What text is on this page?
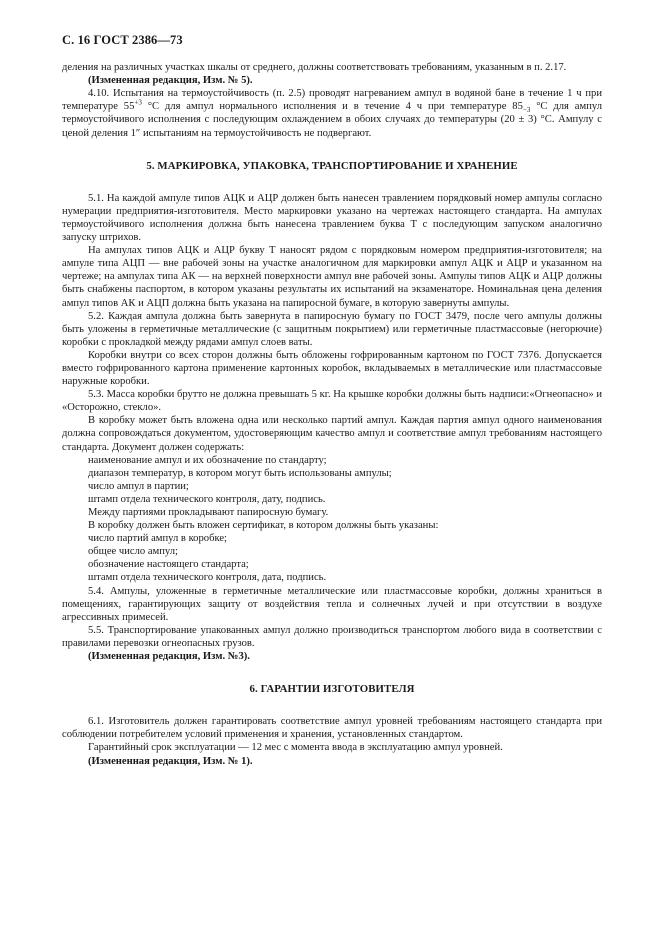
С. 16 ГОСТ 2386—73

деления на различных участках шкалы от среднего, должны соответствовать требованиям, указанным в п. 2.17.

(Измененная редакция, Изм. № 5).

4.10. Испытания на термоустойчивость (п. 2.5) проводят нагреванием ампул в водяной бане в течение 1 ч при температуре $55^{+3}$ °С для ампул нормального исполнения и в течение 4 ч при температуре $85_{-3}$ °С для ампул термоустойчивого исполнения с последующим охлаждением в обоих случаях до температуры (20 ± 3) °С. Ампулу с ценой деления 1″ испытаниям на термоустойчивость не подвергают.

5. МАРКИРОВКА, УПАКОВКА, ТРАНСПОРТИРОВАНИЕ И ХРАНЕНИЕ

5.1. На каждой ампуле типов АЦК и АЦР должен быть нанесен травлением порядковый номер ампулы согласно нумерации предприятия-изготовителя. Место маркировки указано на чертежах настоящего стандарта. На ампулах термоустойчивого исполнения должна быть нанесена травлением буква Т с последующим запуском аналогично запуску штрихов.

На ампулах типов АЦК и АЦР букву Т наносят рядом с порядковым номером предприятия-изготовителя; на ампуле типа АЦП — вне рабочей зоны на участке аналогичном для маркировки ампул АЦК и АЦР и указанном на чертеже; на ампулах типа АК — на верхней поверхности ампул вне рабочей зоны. Ампулы типов АЦК и АЦР должны быть снабжены паспортом, в котором указаны результаты их испытаний на экзаменаторе. Номинальная цена деления ампул типов АК и АЦП должна быть указана на папиросной бумаге, в которую завернуты ампулы.

5.2. Каждая ампула должна быть завернута в папиросную бумагу по ГОСТ 3479, после чего ампулы должны быть уложены в герметичные металлические (с защитным покрытием) или герметичные пластмассовые (негорючие) коробки с прокладкой между рядами ампул слоев ваты.

Коробки внутри со всех сторон должны быть обложены гофрированным картоном по ГОСТ 7376. Допускается вместо гофрированного картона применение картонных коробок, вкладываемых в металлические или пластмассовые наружные коробки.

5.3. Масса коробки брутто не должна превышать 5 кг. На крышке коробки должны быть надписи:«Огнеопасно» и «Осторожно, стекло».

В коробку может быть вложена одна или несколько партий ампул. Каждая партия ампул одного наименования должна сопровождаться документом, удостоверяющим качество ампул и соответствие ампул требованиям настоящего стандарта. Документ должен содержать:

наименование ампул и их обозначение по стандарту;

диапазон температур, в котором могут быть использованы ампулы;

число ампул в партии;

штамп отдела технического контроля, дату, подпись.

Между партиями прокладывают папиросную бумагу.

В коробку должен быть вложен сертификат, в котором должны быть указаны:

число партий ампул в коробке;

общее число ампул;

обозначение настоящего стандарта;

штамп отдела технического контроля, дата, подпись.

5.4. Ампулы, уложенные в герметичные металлические или пластмассовые коробки, должны храниться в помещениях, гарантирующих защиту от воздействия тепла и солнечных лучей и при отсутствии в воздухе агрессивных примесей.

5.5. Транспортирование упакованных ампул должно производиться транспортом любого вида в соответствии с правилами перевозки огнеопасных грузов.

(Измененная редакция, Изм. №3).

6. ГАРАНТИИ ИЗГОТОВИТЕЛЯ

6.1. Изготовитель должен гарантировать соответствие ампул уровней требованиям настоящего стандарта при соблюдении потребителем условий применения и хранения, установленных стандартом.

Гарантийный срок эксплуатации — 12 мес с момента ввода в эксплуатацию ампул уровней.

(Измененная редакция, Изм. № 1).
